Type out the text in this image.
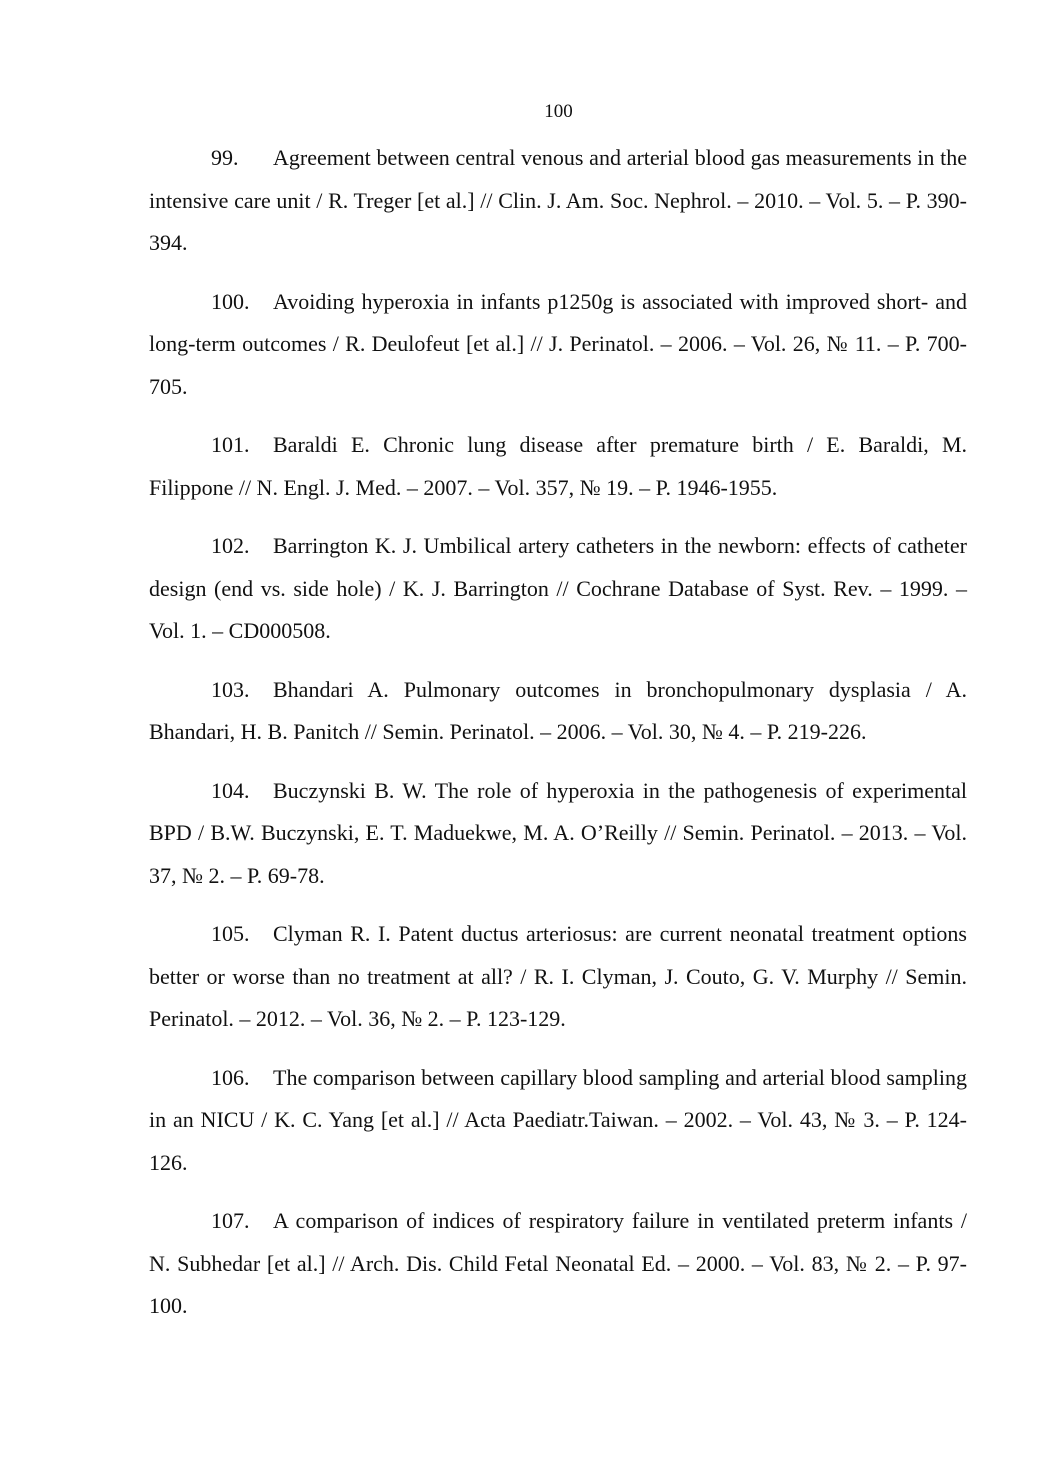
100
99. Agreement between central venous and arterial blood gas measurements in the intensive care unit / R. Treger [et al.] // Clin. J. Am. Soc. Nephrol. – 2010. – Vol. 5. – P. 390-394.
100. Avoiding hyperoxia in infants p1250g is associated with improved short- and long-term outcomes / R. Deulofeut [et al.] // J. Perinatol. – 2006. – Vol. 26, № 11. – P. 700-705.
101. Baraldi E. Chronic lung disease after premature birth / E. Baraldi, M. Filippone // N. Engl. J. Med. – 2007. – Vol. 357, № 19. – P. 1946-1955.
102. Barrington K. J. Umbilical artery catheters in the newborn: effects of catheter design (end vs. side hole) / K. J. Barrington // Cochrane Database of Syst. Rev. – 1999. – Vol. 1. – CD000508.
103. Bhandari A. Pulmonary outcomes in bronchopulmonary dysplasia / A. Bhandari, H. B. Panitch // Semin. Perinatol. – 2006. – Vol. 30, № 4. – P. 219-226.
104. Buczynski B. W. The role of hyperoxia in the pathogenesis of experimental BPD / B.W. Buczynski, E. T. Maduekwe, M. A. O’Reilly // Semin. Perinatol. – 2013. – Vol. 37, № 2. – P. 69-78.
105. Clyman R. I. Patent ductus arteriosus: are current neonatal treatment options better or worse than no treatment at all? / R. I. Clyman, J. Couto, G. V. Murphy // Semin. Perinatol. – 2012. – Vol. 36, № 2. – P. 123-129.
106. The comparison between capillary blood sampling and arterial blood sampling in an NICU / K. C. Yang [et al.] // Acta Paediatr.Taiwan. – 2002. – Vol. 43, № 3. – P. 124-126.
107. A comparison of indices of respiratory failure in ventilated preterm infants / N. Subhedar [et al.] // Arch. Dis. Child Fetal Neonatal Ed. – 2000. – Vol. 83, № 2. – P. 97-100.
